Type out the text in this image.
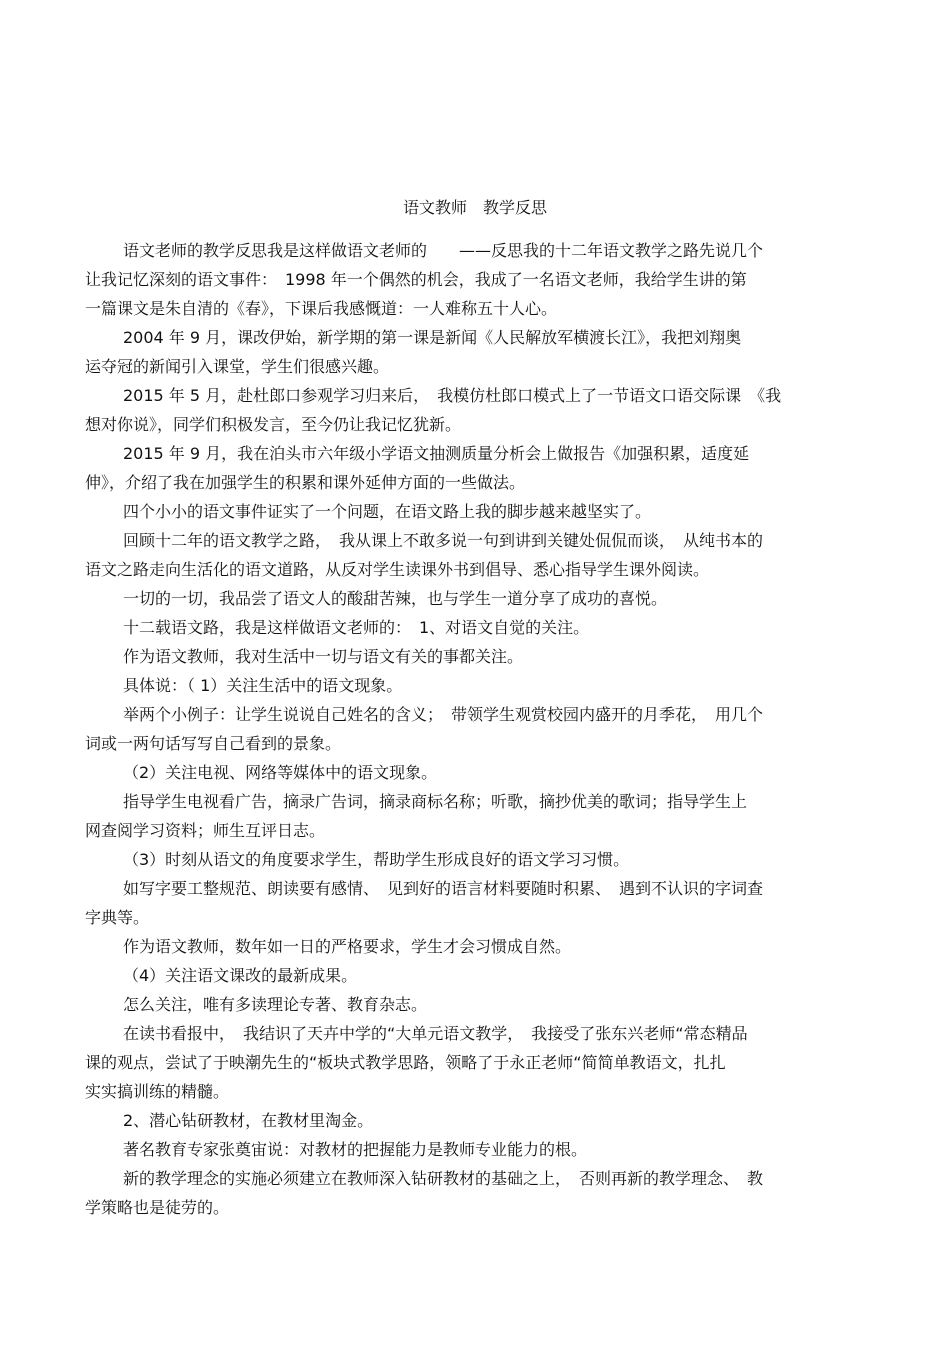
语文教师　教学反思
语文老师的教学反思我是这样做语文老师的　　——反思我的十二年语文教学之路先说几个
让我记忆深刻的语文事件：　1998 年一个偶然的机会，我成了一名语文老师，我给学生讲的第
一篇课文是朱自清的《春》，下课后我感慨道：一人难称五十人心。
2004 年 9 月，课改伊始，新学期的第一课是新闻《人民解放军横渡长江》，我把刘翔奥
运夺冠的新闻引入课堂，学生们很感兴趣。
2015 年 5 月，赴杜郎口参观学习归来后，　我模仿杜郎口模式上了一节语文口语交际课　《我
想对你说》，同学们积极发言，至今仍让我记忆犹新。
2015 年 9 月，我在泊头市六年级小学语文抽测质量分析会上做报告《加强积累，适度延
伸》，介绍了我在加强学生的积累和课外延伸方面的一些做法。
四个小小的语文事件证实了一个问题，在语文路上我的脚步越来越坚实了。
回顾十二年的语文教学之路，　我从课上不敢多说一句到讲到关键处侃侃而谈，　从纯书本的
语文之路走向生活化的语文道路，从反对学生读课外书到倡导、悉心指导学生课外阅读。
一切的一切，我品尝了语文人的酸甜苦辣，也与学生一道分享了成功的喜悦。
十二载语文路，我是这样做语文老师的：　1、对语文自觉的关注。
作为语文教师，我对生活中一切与语文有关的事都关注。
具体说：（ 1）关注生活中的语文现象。
举两个小例子：让学生说说自己姓名的含义；　带领学生观赏校园内盛开的月季花，　用几个
词或一两句话写写自己看到的景象。
（2）关注电视、网络等媒体中的语文现象。
指导学生电视看广告，摘录广告词，摘录商标名称；听歌，摘抄优美的歌词；指导学生上
网查阅学习资料；师生互评日志。
（3）时刻从语文的角度要求学生，帮助学生形成良好的语文学习习惯。
如写字要工整规范、朗读要有感情、　见到好的语言材料要随时积累、　遇到不认识的字词查
字典等。
作为语文教师，数年如一日的严格要求，学生才会习惯成自然。
（4）关注语文课改的最新成果。
怎么关注，唯有多读理论专著、教育杂志。
在读书看报中，　我结识了天卉中学的“大单元语文教学，　我接受了张东兴老师“常态精品
课的观点，尝试了于映潮先生的“板块式教学思路，领略了于永正老师“简简单教语文，扎扎
实实搞训练的精髓。
2、潜心钻研教材，在教材里淘金。
著名教育专家张奠宙说：对教材的把握能力是教师专业能力的根。
新的教学理念的实施必须建立在教师深入钻研教材的基础之上，　否则再新的教学理念、　教
学策略也是徒劳的。
